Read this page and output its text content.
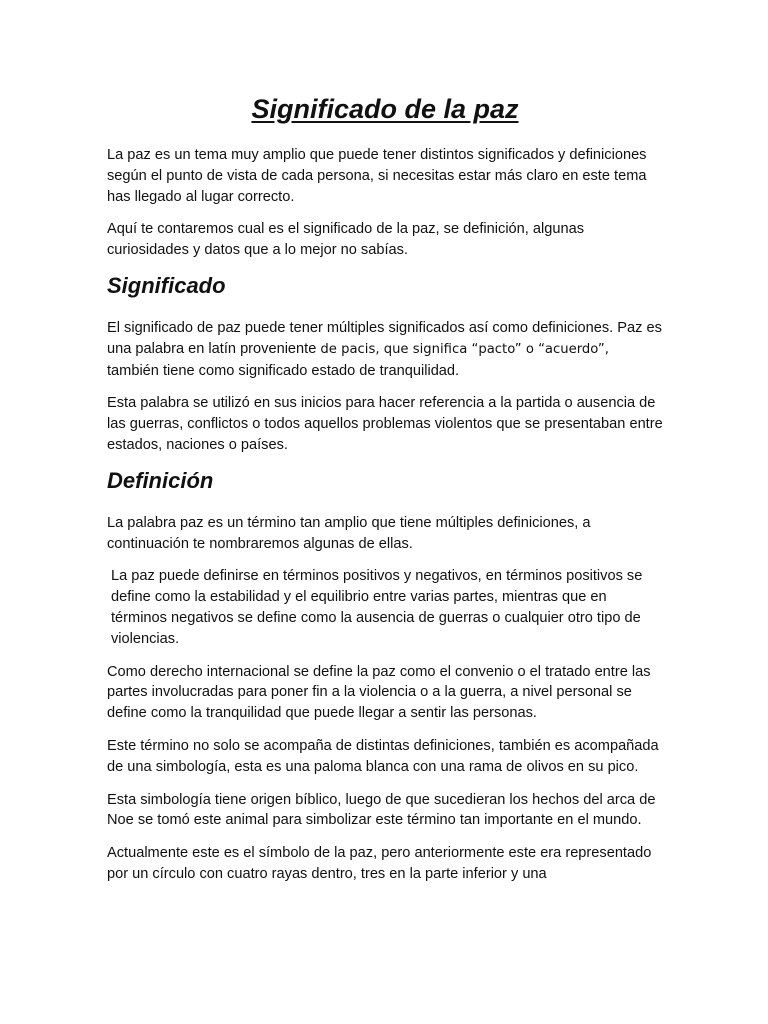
Significado de la paz

La paz es un tema muy amplio que puede tener distintos significados y definiciones según el punto de vista de cada persona, si necesitas estar más claro en este tema has llegado al lugar correcto.

Aquí te contaremos cual es el significado de la paz, se definición, algunas curiosidades y datos que a lo mejor no sabías.

Significado

El significado de paz puede tener múltiples significados así como definiciones. Paz es una palabra en latín proveniente de pacis, que significa “pacto” o “acuerdo”, también tiene como significado estado de tranquilidad.

Esta palabra se utilizó en sus inicios para hacer referencia a la partida o ausencia de las guerras, conflictos o todos aquellos problemas violentos que se presentaban entre estados, naciones o países.

Definición

La palabra paz es un término tan amplio que tiene múltiples definiciones, a continuación te nombraremos algunas de ellas.

La paz puede definirse en términos positivos y negativos, en términos positivos se define como la estabilidad y el equilibrio entre varias partes, mientras que en términos negativos se define como la ausencia de guerras o cualquier otro tipo de violencias.

Como derecho internacional se define la paz como el convenio o el tratado entre las partes involucradas para poner fin a la violencia o a la guerra, a nivel personal se define como la tranquilidad que puede llegar a sentir las personas.

Este término no solo se acompaña de distintas definiciones, también es acompañada de una simbología, esta es una paloma blanca con una rama de olivos en su pico.

Esta simbología tiene origen bíblico, luego de que sucedieran los hechos del arca de Noe se tomó este animal para simbolizar este término tan importante en el mundo.

Actualmente este es el símbolo de la paz, pero anteriormente este era representado por un círculo con cuatro rayas dentro, tres en la parte inferior y una
